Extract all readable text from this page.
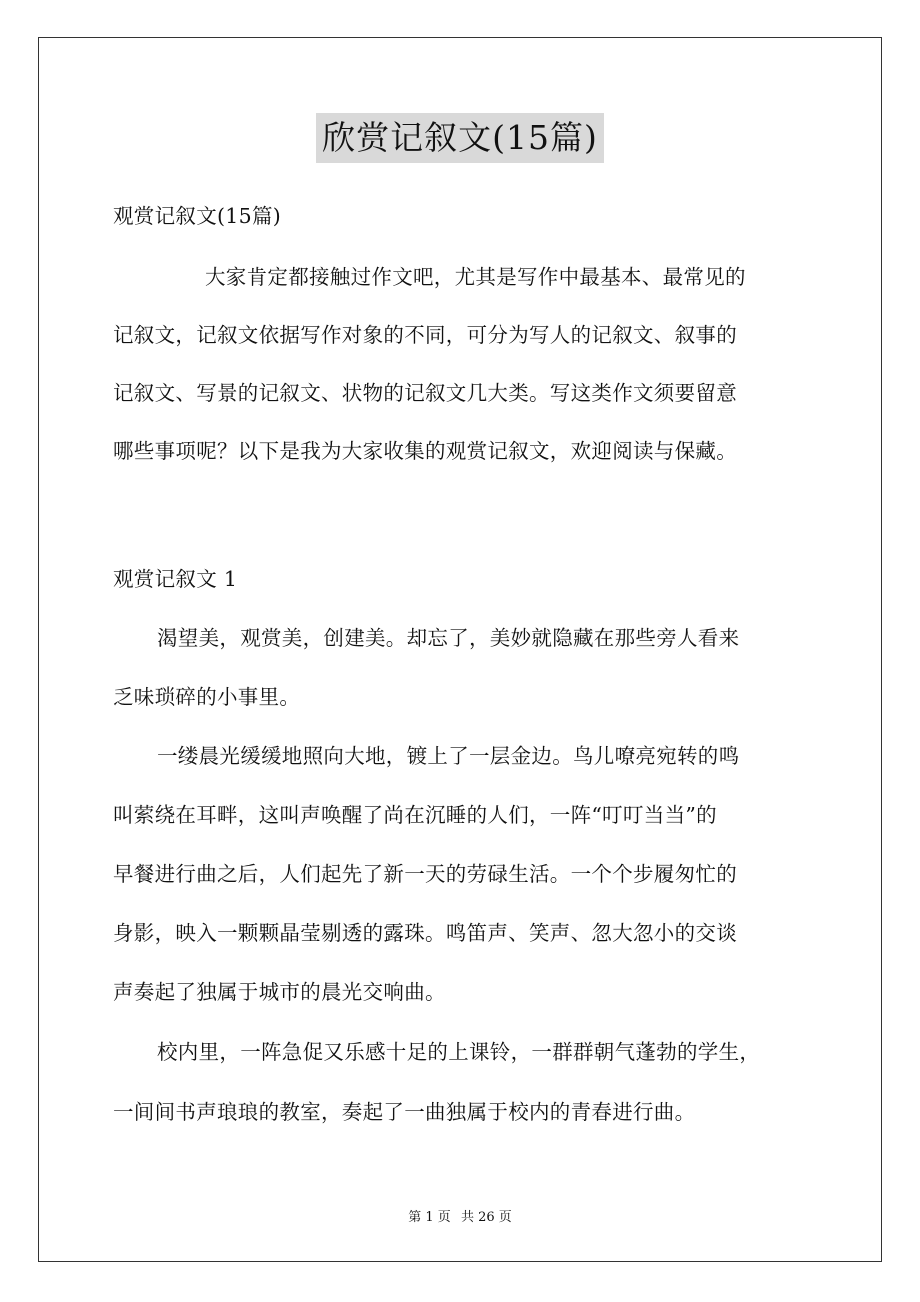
欣赏记叙文(15篇)
观赏记叙文(15篇)
大家肯定都接触过作文吧，尤其是写作中最基本、最常见的
记叙文，记叙文依据写作对象的不同，可分为写人的记叙文、叙事的
记叙文、写景的记叙文、状物的记叙文几大类。写这类作文须要留意
哪些事项呢？以下是我为大家收集的观赏记叙文，欢迎阅读与保藏。
观赏记叙文 1
渴望美，观赏美，创建美。却忘了，美妙就隐藏在那些旁人看来
乏味琐碎的小事里。
一缕晨光缓缓地照向大地，镀上了一层金边。鸟儿嘹亮宛转的鸣
叫萦绕在耳畔，这叫声唤醒了尚在沉睡的人们，一阵“叮叮当当”的
早餐进行曲之后，人们起先了新一天的劳碌生活。一个个步履匆忙的
身影，映入一颗颗晶莹剔透的露珠。鸣笛声、笑声、忽大忽小的交谈
声奏起了独属于城市的晨光交响曲。
校内里，一阵急促又乐感十足的上课铃，一群群朝气蓬勃的学生，
一间间书声琅琅的教室，奏起了一曲独属于校内的青春进行曲。
第 1 页 共 26 页
